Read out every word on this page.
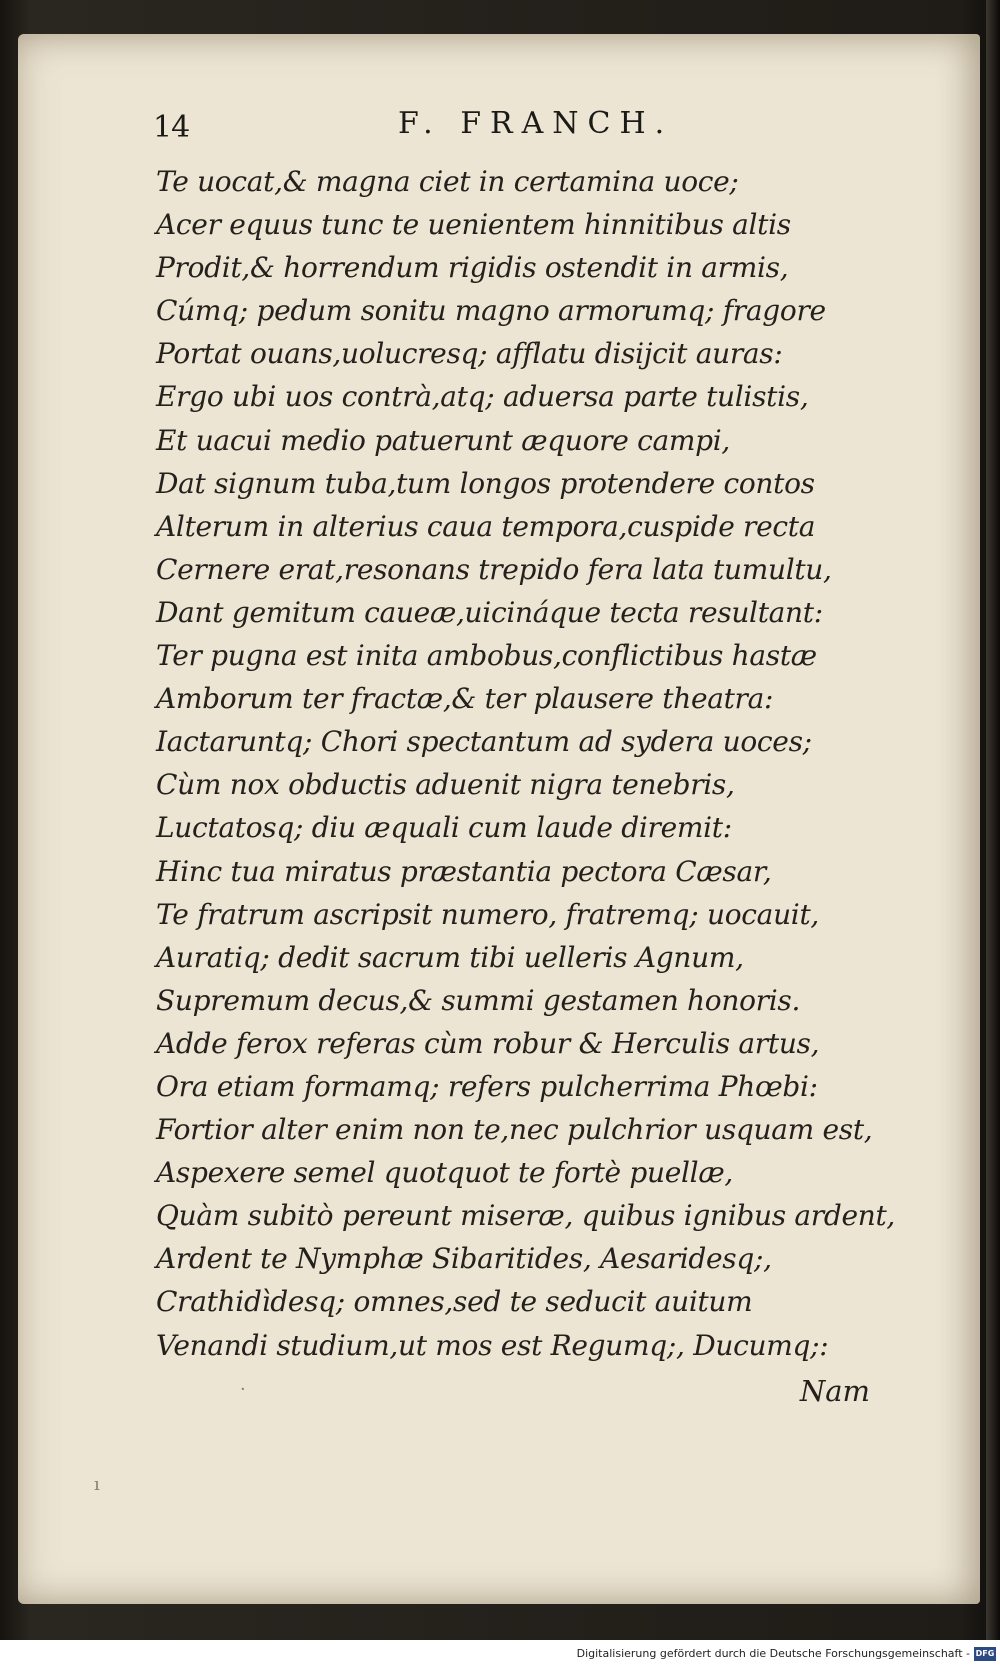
14	F. FRANCH.
Te uocat,& magna ciet in certamina uoce;
Acer equus tunc te uenientem hinnitibus altis
Prodit,& horrendum rigidis ostendit in armis,
Cúmq; pedum sonitu magno armorumq; fragore
Portat ouans,uolucresq; afflatu disijcit auras:
Ergo ubi uos contrà,atq; aduersa parte tulistis,
Et uacui medio patuerunt æquore campi,
Dat signum tuba,tum longos protendere contos
Alterum in alterius caua tempora,cuspide recta
Cernere erat,resonans trepido fera lata tumultu,
Dant gemitum caueæ,uicináque tecta resultant:
Ter pugna est inita ambobus,conflictibus hastæ
Amborum ter fractæ,& ter plausere theatra:
Iactaruntq; Chori spectantum ad sydera uoces;
Cùm nox obductis aduenit nigra tenebris,
Luctatosq; diu æquali cum laude diremit:
Hinc tua miratus præstantia pectora Cæsar,
Te fratrum ascripsit numero, fratremq; uocauit,
Auratiq; dedit sacrum tibi uelleris Agnum,
Supremum decus,& summi gestamen honoris.
Adde ferox referas cùm robur & Herculis artus,
Ora etiam formamq; refers pulcherrima Phœbi:
Fortior alter enim non te,nec pulchrior usquam est,
Aspexere semel quotquot te fortè puellæ,
Quàm subitò pereunt miseræ, quibus ignibus ardent,
Ardent te Nymphæ Sibaritides, Aesaridesq;,
Crathidìdesq; omnes,sed te seducit auitum
Venandi studium,ut mos est Regumq;, Ducumq;:
Nam
·
ı
Digitalisierung gefördert durch die Deutsche Forschungsgemeinschaft - DFG
